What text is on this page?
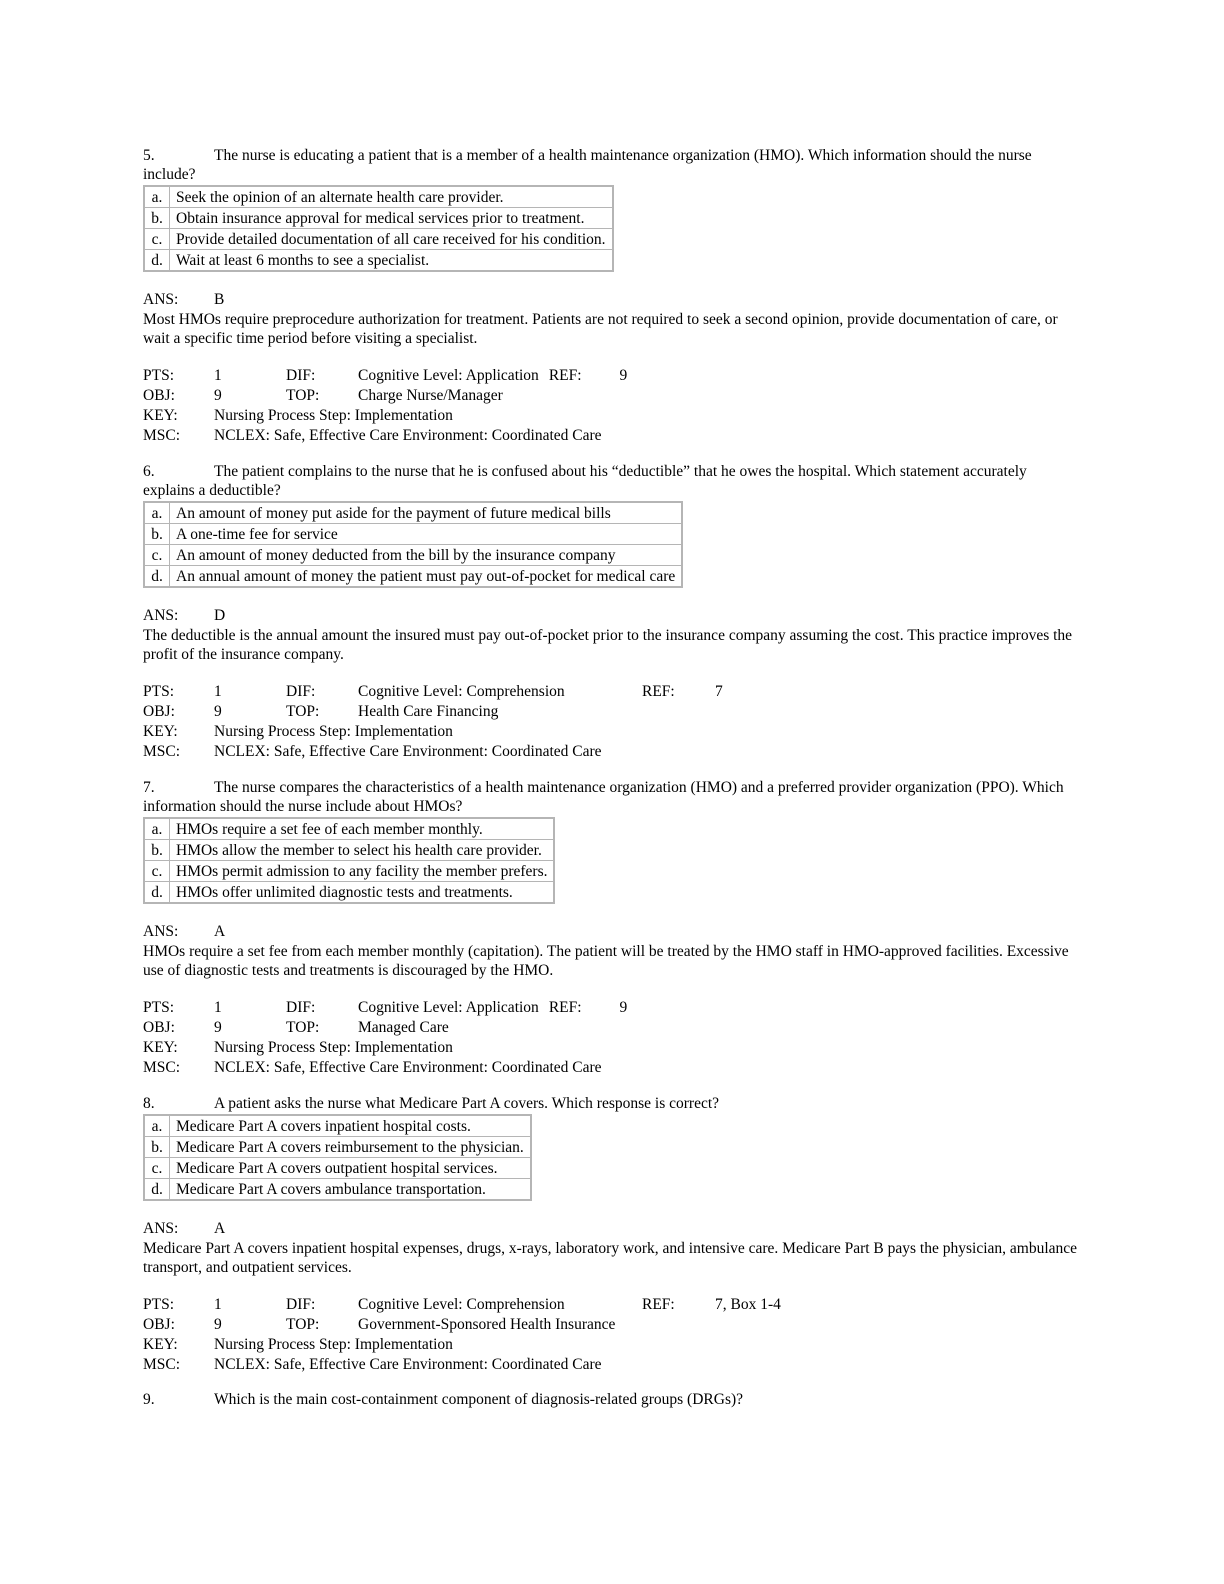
5.	The nurse is educating a patient that is a member of a health maintenance organization (HMO). Which information should the nurse include?

a.	Seek the opinion of an alternate health care provider.
b.	Obtain insurance approval for medical services prior to treatment.
c.	Provide detailed documentation of all care received for his condition.
d.	Wait at least 6 months to see a specialist.
ANS: B

Most HMOs require preprocedure authorization for treatment. Patients are not required to seek a second opinion, provide documentation of care, or wait a specific time period before visiting a specialist.

PTS:	1	DIF:	Cognitive Level: Application REF: 9
OBJ:	9	TOP: Charge Nurse/Manager
KEY: Nursing Process Step: Implementation
MSC: NCLEX: Safe, Effective Care Environment: Coordinated Care

6.	The patient complains to the nurse that he is confused about his “deductible” that he owes the hospital. Which statement accurately explains a deductible?

a.	An amount of money put aside for the payment of future medical bills
b.	A one-time fee for service
c.	An amount of money deducted from the bill by the insurance company
d.	An annual amount of money the patient must pay out-of-pocket for medical care
ANS: D

The deductible is the annual amount the insured must pay out-of-pocket prior to the insurance company assuming the cost. This practice improves the profit of the insurance company.

PTS:	1	DIF:	Cognitive Level: Comprehension	REF:	7
OBJ:	9	TOP: Health Care Financing
KEY: Nursing Process Step: Implementation
MSC: NCLEX: Safe, Effective Care Environment: Coordinated Care

7.	The nurse compares the characteristics of a health maintenance organization (HMO) and a preferred provider organization (PPO). Which information should the nurse include about HMOs?

a.	HMOs require a set fee of each member monthly.
b.	HMOs allow the member to select his health care provider.
c.	HMOs permit admission to any facility the member prefers.
d.	HMOs offer unlimited diagnostic tests and treatments.
ANS: A

HMOs require a set fee from each member monthly (capitation). The patient will be treated by the HMO staff in HMO-approved facilities. Excessive use of diagnostic tests and treatments is discouraged by the HMO.

PTS:	1	DIF:	Cognitive Level: Application REF: 9
OBJ:	9	TOP: Managed Care
KEY: Nursing Process Step: Implementation
MSC: NCLEX: Safe, Effective Care Environment: Coordinated Care

8.	A patient asks the nurse what Medicare Part A covers. Which response is correct?

a.	Medicare Part A covers inpatient hospital costs.
b.	Medicare Part A covers reimbursement to the physician.
c.	Medicare Part A covers outpatient hospital services.
d.	Medicare Part A covers ambulance transportation.
ANS: A

Medicare Part A covers inpatient hospital expenses, drugs, x-rays, laboratory work, and intensive care. Medicare Part B pays the physician, ambulance transport, and outpatient services.

PTS:	1	DIF:	Cognitive Level: Comprehension	REF:	7, Box 1-4
OBJ:	9	TOP: Government-Sponsored Health Insurance
KEY: Nursing Process Step: Implementation
MSC: NCLEX: Safe, Effective Care Environment: Coordinated Care

9.	Which is the main cost-containment component of diagnosis-related groups (DRGs)?
